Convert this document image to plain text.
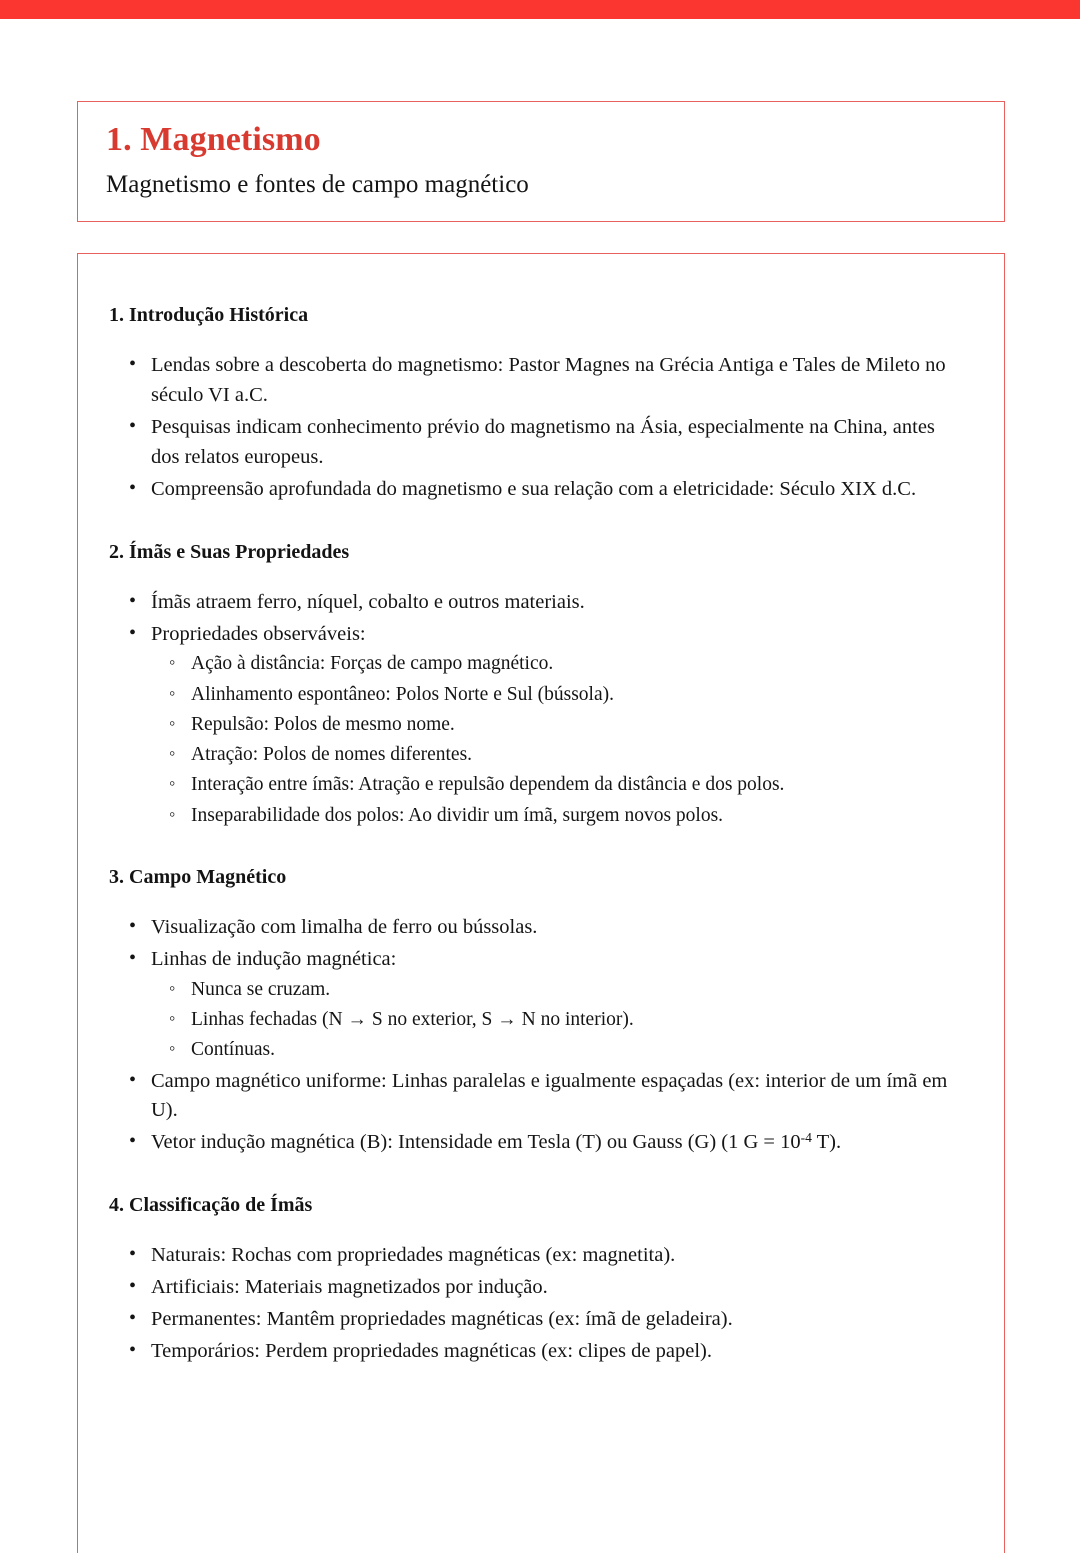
1. Magnetismo
Magnetismo e fontes de campo magnético
1. Introdução Histórica
• Lendas sobre a descoberta do magnetismo: Pastor Magnes na Grécia Antiga e Tales de Mileto no século VI a.C.
• Pesquisas indicam conhecimento prévio do magnetismo na Ásia, especialmente na China, antes dos relatos europeus.
• Compreensão aprofundada do magnetismo e sua relação com a eletricidade: Século XIX d.C.
2. Ímãs e Suas Propriedades
• Ímãs atraem ferro, níquel, cobalto e outros materiais.
• Propriedades observáveis:
◦ Ação à distância: Forças de campo magnético.
◦ Alinhamento espontâneo: Polos Norte e Sul (bússola).
◦ Repulsão: Polos de mesmo nome.
◦ Atração: Polos de nomes diferentes.
◦ Interação entre ímãs: Atração e repulsão dependem da distância e dos polos.
◦ Inseparabilidade dos polos: Ao dividir um ímã, surgem novos polos.
3. Campo Magnético
• Visualização com limalha de ferro ou bússolas.
• Linhas de indução magnética:
◦ Nunca se cruzam.
◦ Linhas fechadas (N → S no exterior, S → N no interior).
◦ Contínuas.
• Campo magnético uniforme: Linhas paralelas e igualmente espaçadas (ex: interior de um ímã em U).
• Vetor indução magnética (B): Intensidade em Tesla (T) ou Gauss (G) (1 $G = 10^{-4}$ T).
4. Classificação de Ímãs
• Naturais: Rochas com propriedades magnéticas (ex: magnetita).
• Artificiais: Materiais magnetizados por indução.
• Permanentes: Mantêm propriedades magnéticas (ex: ímã de geladeira).
• Temporários: Perdem propriedades magnéticas (ex: clipes de papel).
